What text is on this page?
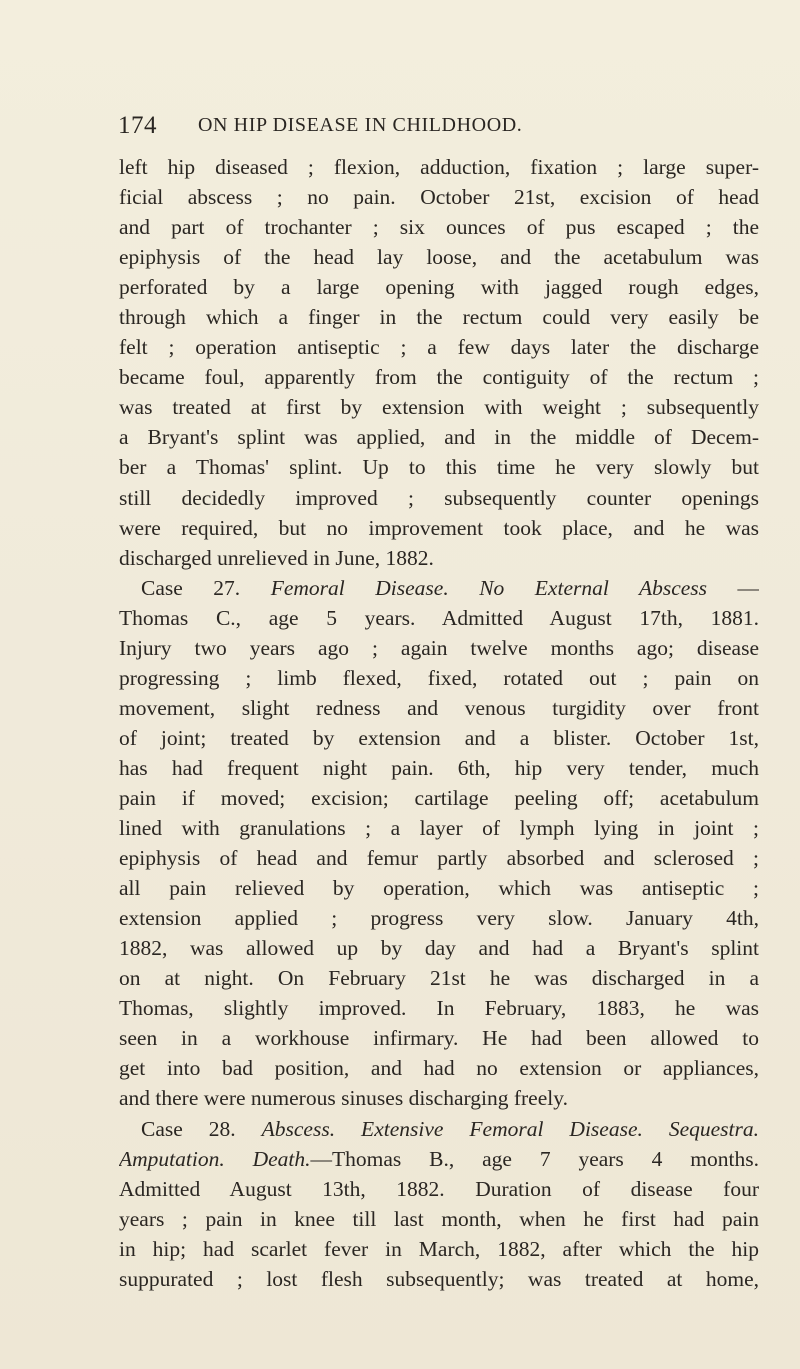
174 ON HIP DISEASE IN CHILDHOOD.
left hip diseased ; flexion, adduction, fixation ; large super-
ficial abscess ; no pain. October 21st, excision of head
and part of trochanter ; six ounces of pus escaped ; the
epiphysis of the head lay loose, and the acetabulum was
perforated by a large opening with jagged rough edges,
through which a finger in the rectum could very easily be
felt ; operation antiseptic ; a few days later the discharge
became foul, apparently from the contiguity of the rectum ;
was treated at first by extension with weight ; subsequently
a Bryant's splint was applied, and in the middle of Decem-
ber a Thomas' splint. Up to this time he very slowly but
still decidedly improved ; subsequently counter openings
were required, but no improvement took place, and he was
discharged unrelieved in June, 1882.
Case 27. Femoral Disease. No External Abscess —
Thomas C., age 5 years. Admitted August 17th, 1881.
Injury two years ago ; again twelve months ago; disease
progressing ; limb flexed, fixed, rotated out ; pain on
movement, slight redness and venous turgidity over front
of joint; treated by extension and a blister. October 1st,
has had frequent night pain. 6th, hip very tender, much
pain if moved; excision; cartilage peeling off; acetabulum
lined with granulations ; a layer of lymph lying in joint ;
epiphysis of head and femur partly absorbed and sclerosed ;
all pain relieved by operation, which was antiseptic ;
extension applied ; progress very slow. January 4th,
1882, was allowed up by day and had a Bryant's splint
on at night. On February 21st he was discharged in a
Thomas, slightly improved. In February, 1883, he was
seen in a workhouse infirmary. He had been allowed to
get into bad position, and had no extension or appliances,
and there were numerous sinuses discharging freely.
Case 28. Abscess. Extensive Femoral Disease. Sequestra.
Amputation. Death.—Thomas B., age 7 years 4 months.
Admitted August 13th, 1882. Duration of disease four
years ; pain in knee till last month, when he first had pain
in hip; had scarlet fever in March, 1882, after which the hip
suppurated ; lost flesh subsequently; was treated at home,
